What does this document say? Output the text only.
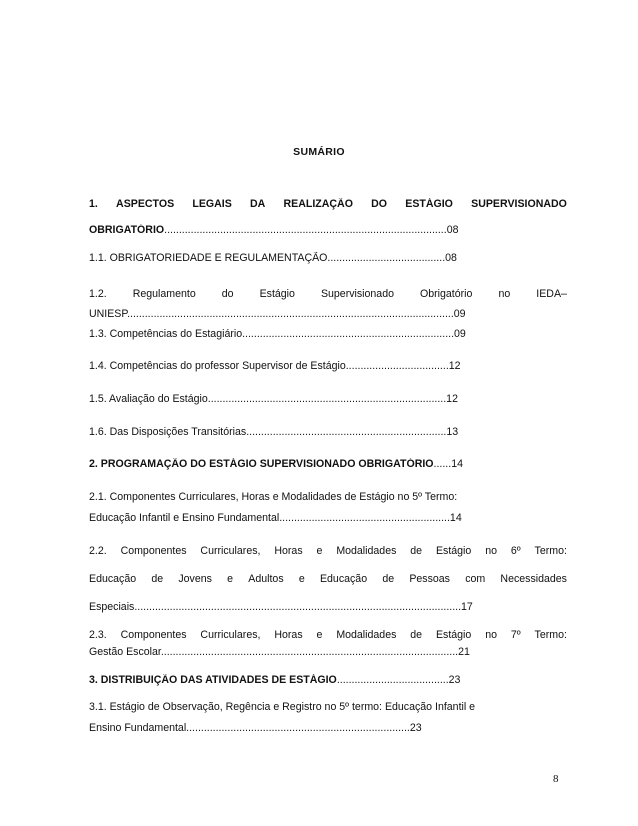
SUMÁRIO
1. ASPECTOS LEGAIS DA REALIZAÇÃO DO ESTÁGIO SUPERVISIONADO
OBRIGATÓRIO................................................................................................08
1.1. OBRIGATORIEDADE E REGULAMENTAÇÃO........................................08
1.2. Regulamento do Estágio Supervisionado Obrigatório no IEDA–
UNIESP...............................................................................................................09
1.3. Competências do Estagiário........................................................................09
1.4. Competências do professor Supervisor de Estágio...................................12
1.5. Avaliação do Estágio.................................................................................12
1.6. Das Disposições Transitórias....................................................................13
2. PROGRAMAÇÃO DO ESTÁGIO SUPERVISIONADO OBRIGATÓRIO......14
2.1. Componentes Curriculares, Horas e Modalidades de Estágio no 5º Termo:
Educação Infantil e Ensino Fundamental..........................................................14
2.2. Componentes Curriculares, Horas e Modalidades de Estágio no 6º Termo:
Educação de Jovens e Adultos e Educação de Pessoas com Necessidades
Especiais...............................................................................................................17
2.3. Componentes Curriculares, Horas e Modalidades de Estágio no 7º Termo:
Gestão Escolar.....................................................................................................21
3. DISTRIBUIÇÃO DAS ATIVIDADES DE ESTÁGIO......................................23
3.1. Estágio de Observação, Regência e Registro no 5º termo: Educação Infantil e
Ensino Fundamental............................................................................23
8
